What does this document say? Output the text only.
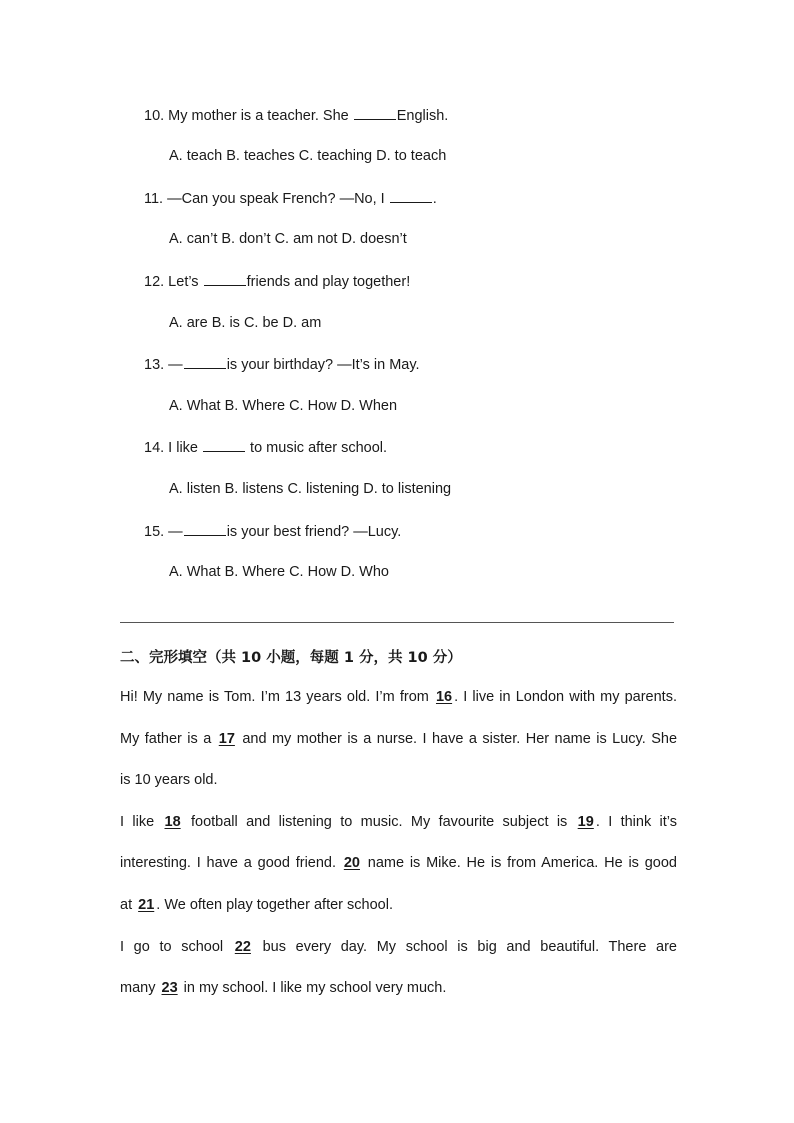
10. My mother is a teacher. She	English.
A. teach B. teaches C. teaching D. to teach
11. —Can you speak French? —No, I	.
A. can’t B. don’t C. am not D. doesn’t
12. Let’s	friends and play together!
A. are B. is C. be D. am
13. —	is your birthday? —It’s in May.
A. What B. Where C. How D. When
14. I like	to music after school.
A. listen B. listens C. listening D. to listening
15. —	is your best friend? —Lucy.
A. What B. Where C. How D. Who
二、完形填空（共 10 小题，每题 1 分，共 10 分）
Hi! My name is Tom. I’m 13 years old. I’m from 16 . I live in London with my parents.
My father is a 17 and my mother is a nurse. I have a sister. Her name is Lucy. She
is 10 years old.
I like 18 football and listening to music. My favourite subject is 19 . I think it’s
interesting. I have a good friend. 20 name is Mike. He is from America. He is good
at 21 . We often play together after school.
I go to school 22 bus every day. My school is big and beautiful. There are
many 23 in my school. I like my school very much.
